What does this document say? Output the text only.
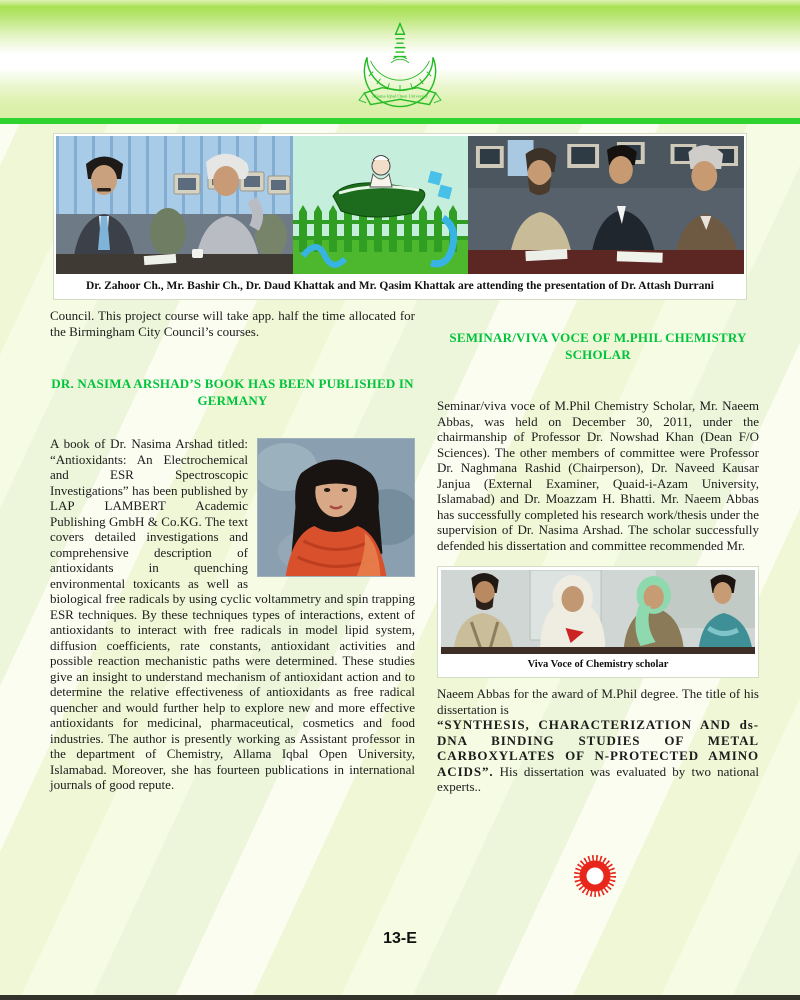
Allama Iqbal Open University
Dr. Zahoor Ch., Mr. Bashir Ch., Dr. Daud Khattak and Mr. Qasim Khattak are attending the presentation of Dr. Attash Durrani

Council. This project course will take app. half the time allocated for the Birmingham City Council’s courses.

DR. NASIMA ARSHAD’S BOOK HAS BEEN PUBLISHED IN GERMANY
A book of Dr. Nasima Arshad titled: “Antioxidants: An Electrochemical and ESR Spectroscopic Investigations” has been published by LAP LAMBERT Academic Publishing GmbH & Co.KG. The text covers detailed investigations and comprehensive description of antioxidants in quenching environmental toxicants as well as biological free radicals by using cyclic voltammetry and spin trapping ESR techniques. By these techniques types of interactions, extent of antioxidants to interact with free radicals in model lipid system, diffusion coefficients, rate constants, antioxidant activities and possible reaction mechanistic paths were determined. These studies give an insight to understand mechanism of antioxidant action and to determine the relative effectiveness of antioxidants as free radical quencher and would further help to explore new and more effective antioxidants for medicinal, pharmaceutical, cosmetics and food industries. The author is presently working as Assistant professor in the department of Chemistry, Allama Iqbal Open University, Islamabad. Moreover, she has fourteen publications in international journals of good repute.
SEMINAR/VIVA VOCE OF M.PHIL CHEMISTRY SCHOLAR

Seminar/viva voce of M.Phil Chemistry Scholar, Mr. Naeem Abbas, was held on December 30, 2011, under the chairmanship of Professor Dr. Nowshad Khan (Dean F/O Sciences). The other members of committee were Professor Dr. Naghmana Rashid (Chairperson), Dr. Naveed Kausar Janjua (External Examiner, Quaid-i-Azam University, Islamabad) and Dr. Moazzam H. Bhatti. Mr. Naeem Abbas has successfully completed his research work/thesis under the supervision of Dr. Nasima Arshad. The scholar successfully defended his dissertation and committee recommended Mr.

Viva Voce of Chemistry scholar

Naeem Abbas for the award of M.Phil degree. The title of his dissertation is
“SYNTHESIS, CHARACTERIZATION AND ds-DNA BINDING STUDIES OF METAL CARBOXYLATES OF N-PROTECTED AMINO ACIDS”. His dissertation was evaluated by two national experts..

13-E
